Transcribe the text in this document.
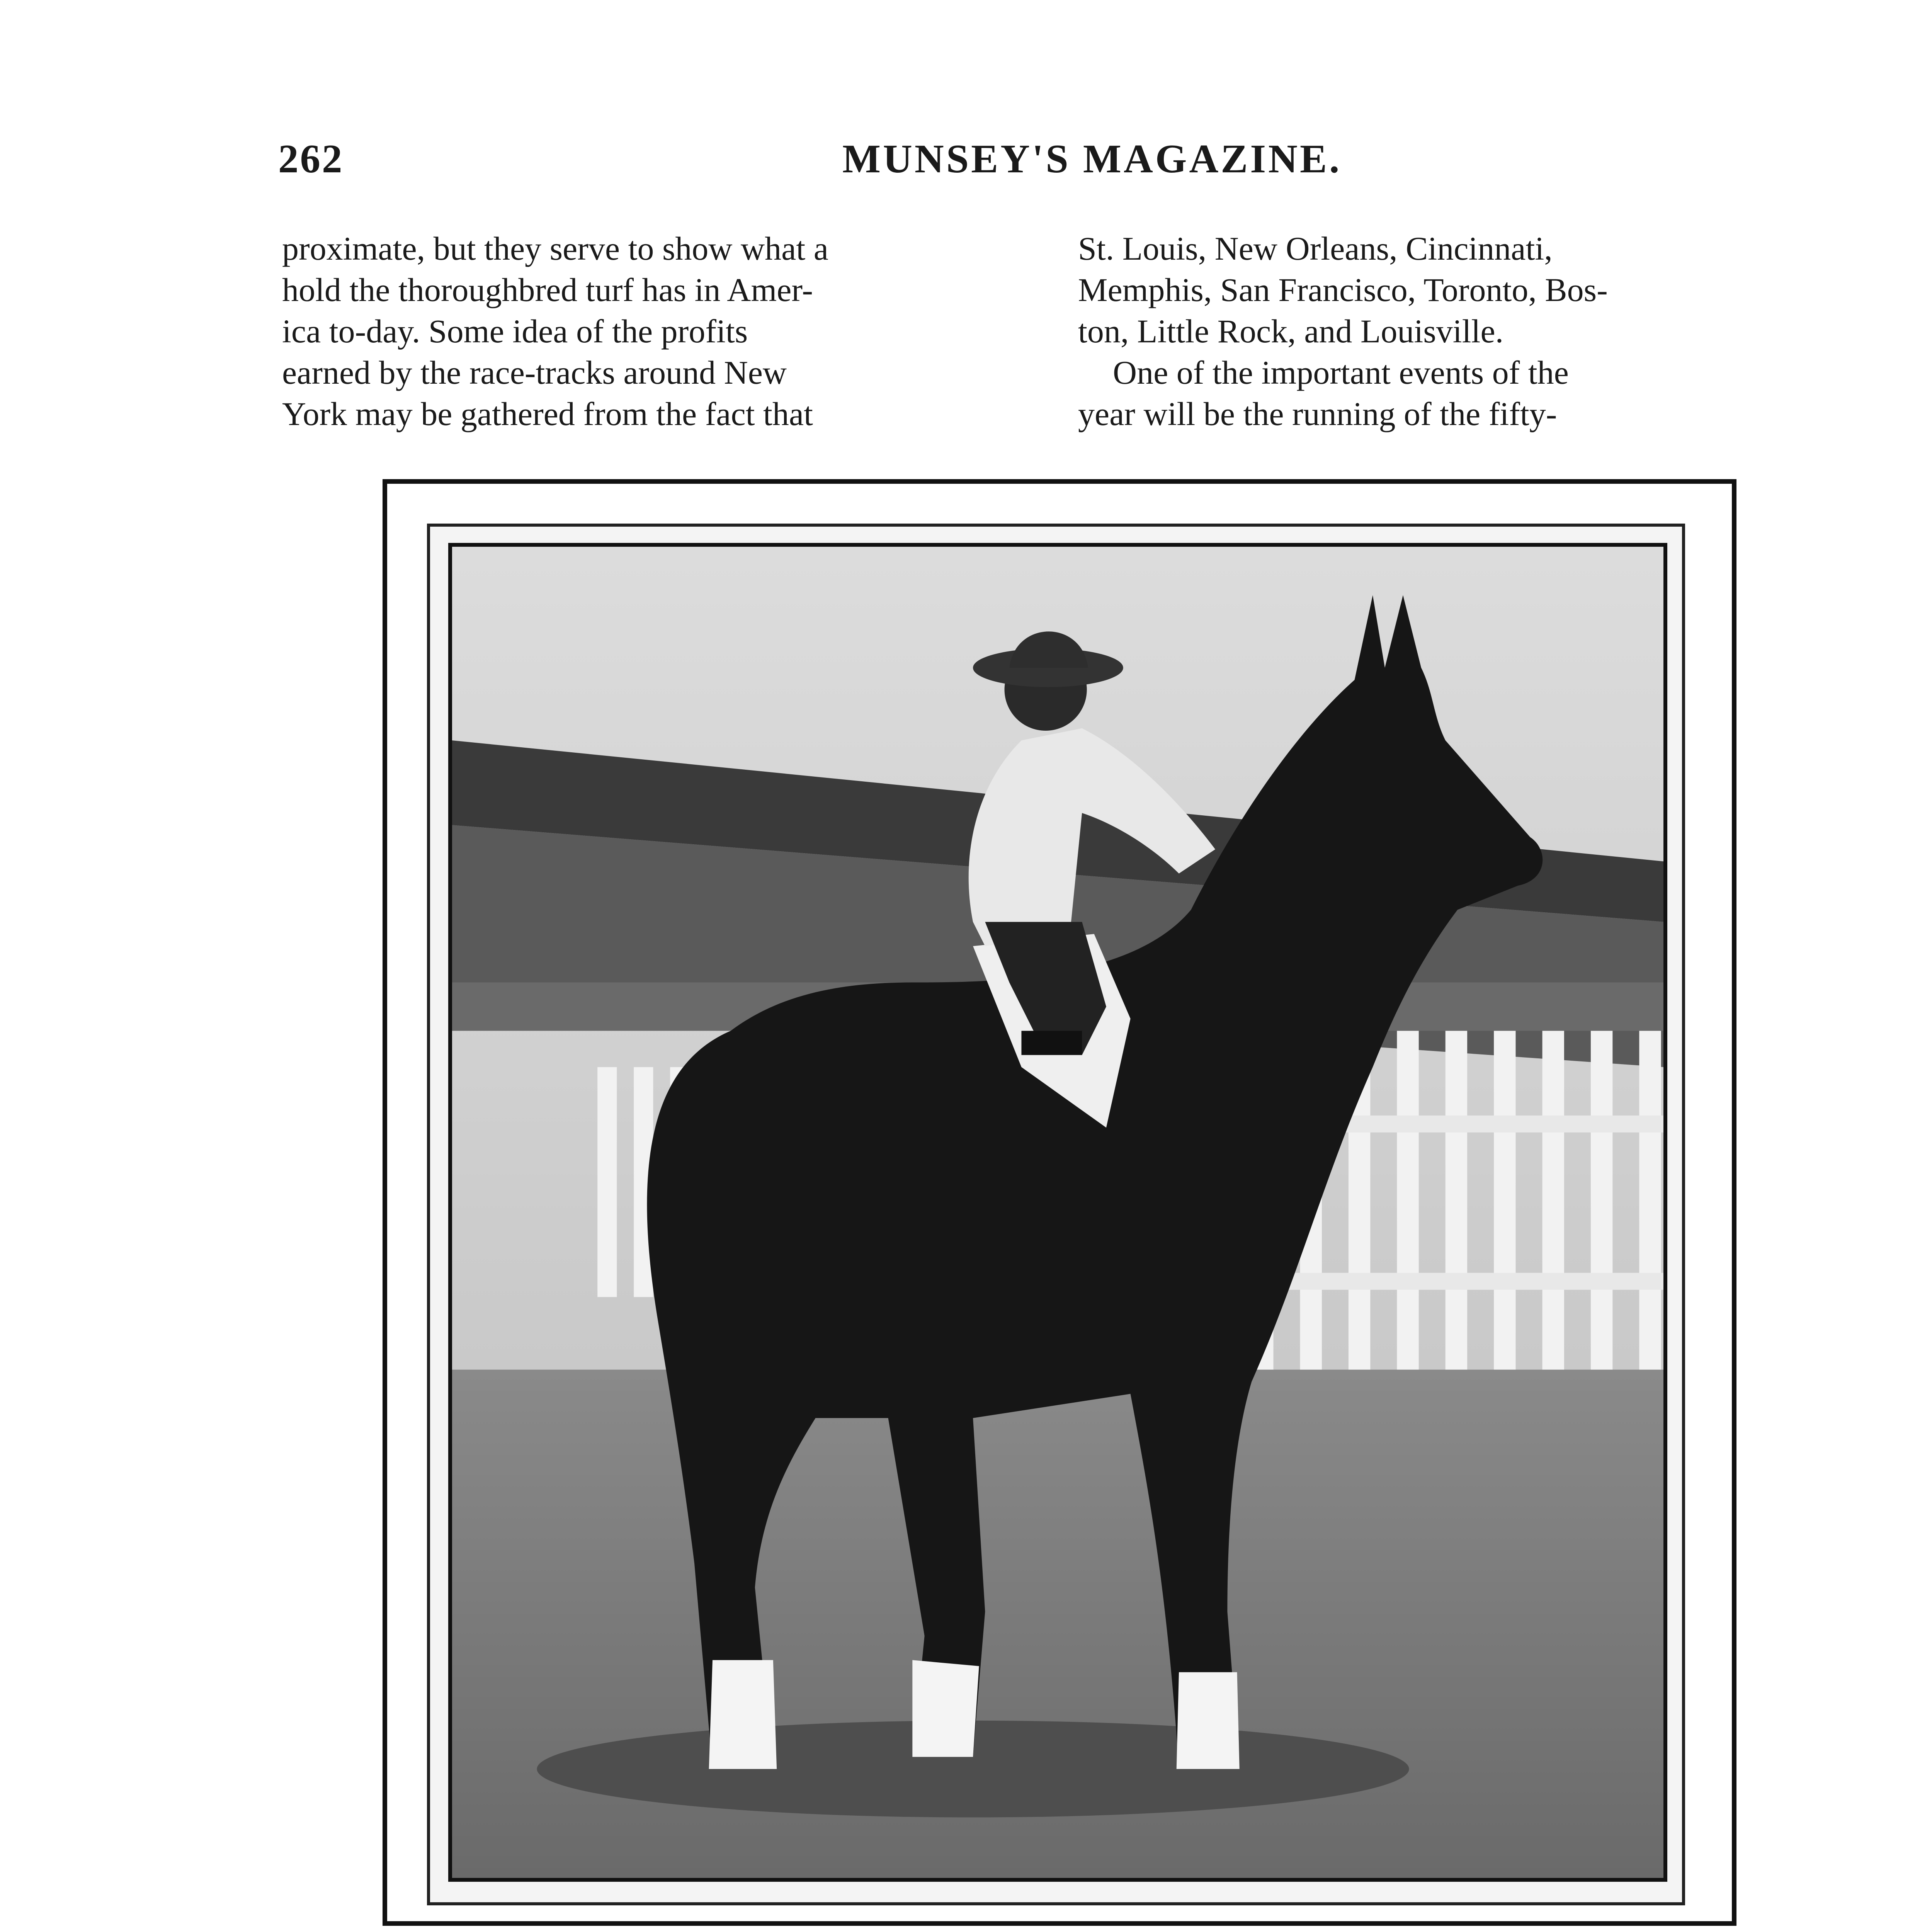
262	MUNSEY'S MAGAZINE.

proximate, but they serve to show what a

hold the thoroughbred turf has in Amer-

ica to-day. Some idea of the profits

earned by the race-tracks around New

York may be gathered from the fact that

St. Louis, New Orleans, Cincinnati,

Memphis, San Francisco, Toronto, Bos-

ton, Little Rock, and Louisville.

One of the important events of the

year will be the running of the fifty-
